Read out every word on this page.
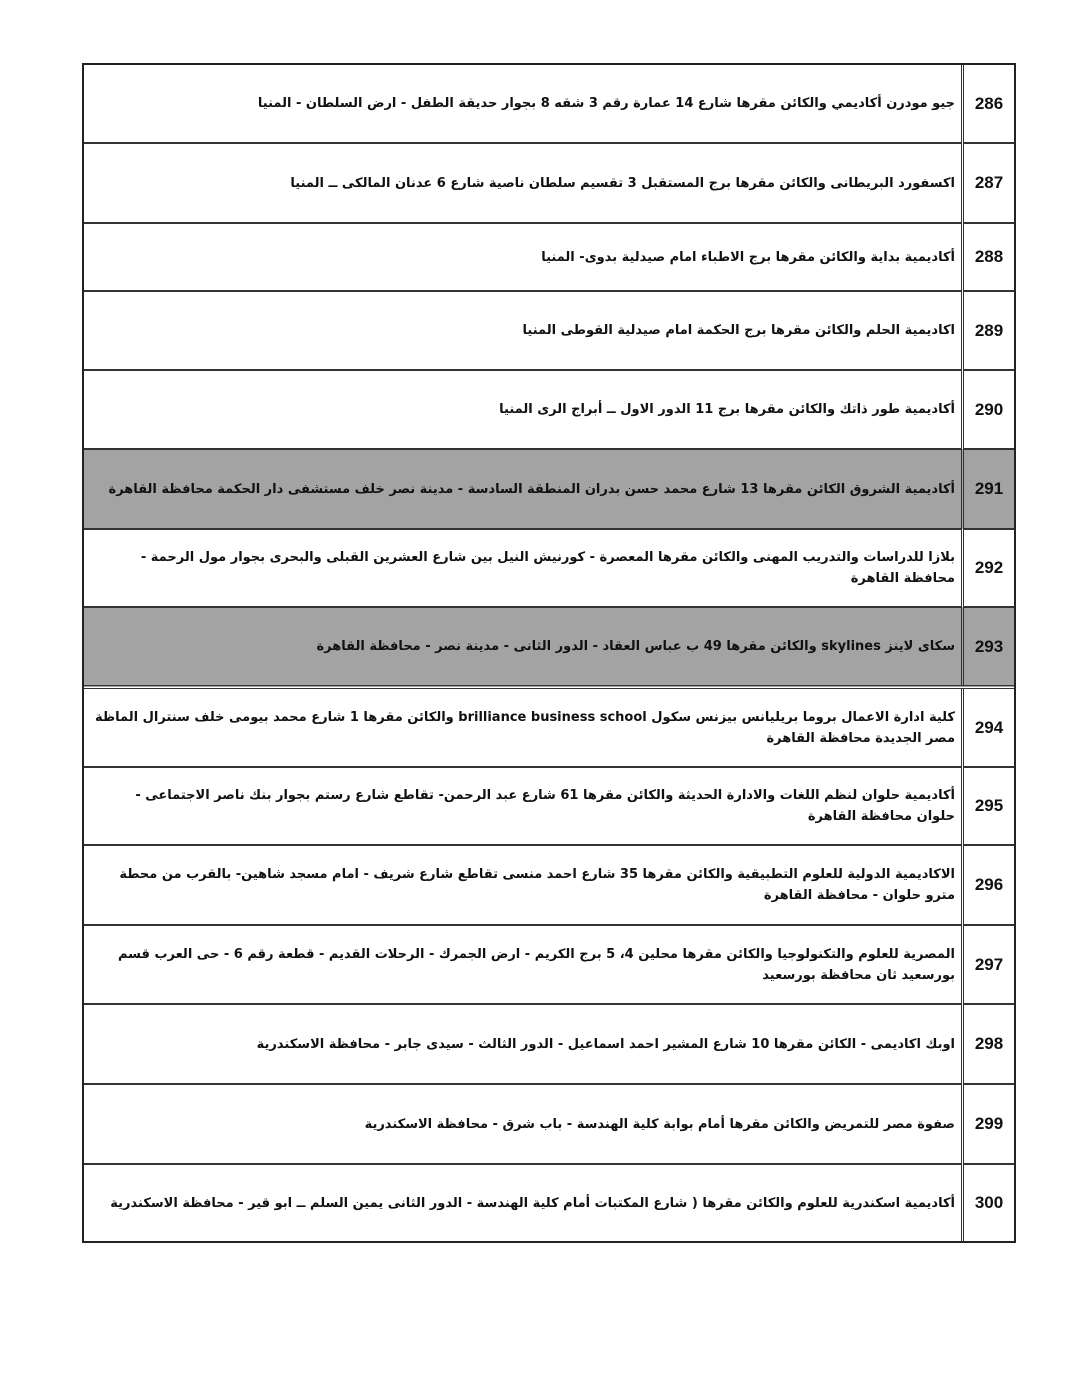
286	جيو مودرن أكاديمي والكائن مقرها شارع 14 عمارة رقم 3 شقه 8 بجوار حديقة الطفل - ارض السلطان - المنيا
287	اكسفورد البريطانى والكائن مقرها برج المستقبل 3 تقسيم سلطان ناصية شارع 6 عدنان المالكى ــ المنيا
288	أكاديمية بداية والكائن مقرها برج الاطباء امام صيدلية بدوى- المنيا
289	اكاديمية الحلم والكائن مقرها برج الحكمة امام صيدلية القوطى المنيا
290	أكاديمية طور ذاتك والكائن مقرها برج 11 الدور الاول ــ أبراج الرى المنيا
291	أكاديمية الشروق الكائن مقرها 13 شارع محمد حسن بدران المنطقة السادسة - مدينة نصر خلف مستشفى دار الحكمة محافظة القاهرة
292	بلازا للدراسات والتدريب المهنى والكائن مقرها المعصرة - كورنيش النيل بين شارع العشرين القبلى والبحرى بجوار مول الرحمة - محافظة القاهرة
293	سكاى لاينز skylines والكائن مقرها 49 ب عباس العقاد - الدور الثانى - مدينة نصر - محافظة القاهرة
294	كلية ادارة الاعمال بروما بريليانس بيزنس سكول brilliance business school والكائن مقرها 1 شارع محمد بيومى خلف سنترال الماظة مصر الجديدة محافظة القاهرة
295	أكاديمية حلوان لنظم اللغات والادارة الحديثة والكائن مقرها 61 شارع عبد الرحمن- تقاطع شارع رستم بجوار بنك ناصر الاجتماعى - حلوان محافظة القاهرة
296	الاكاديمية الدولية للعلوم التطبيقية والكائن مقرها 35 شارع احمد منسى تقاطع شارع شريف - امام مسجد شاهين- بالقرب من محطة مترو حلوان - محافظة القاهرة
297	المصرية للعلوم والتكنولوجيا والكائن مقرها محلين 4، 5 برج الكريم - ارض الجمرك - الرحلات القديم - قطعة رقم 6 - حى العرب قسم بورسعيد ثان محافظة بورسعيد
298	اوبك اكاديمى - الكائن مقرها 10 شارع المشير احمد اسماعيل - الدور الثالث - سيدى جابر - محافظة الاسكندرية
299	صفوة مصر للتمريض والكائن مقرها أمام بوابة كلية الهندسة - باب شرق - محافظة الاسكندرية
300	أكاديمية اسكندرية للعلوم والكائن مقرها ( شارع المكتبات أمام كلية الهندسة - الدور الثانى يمين السلم ــ ابو قير - محافظة الاسكندرية
